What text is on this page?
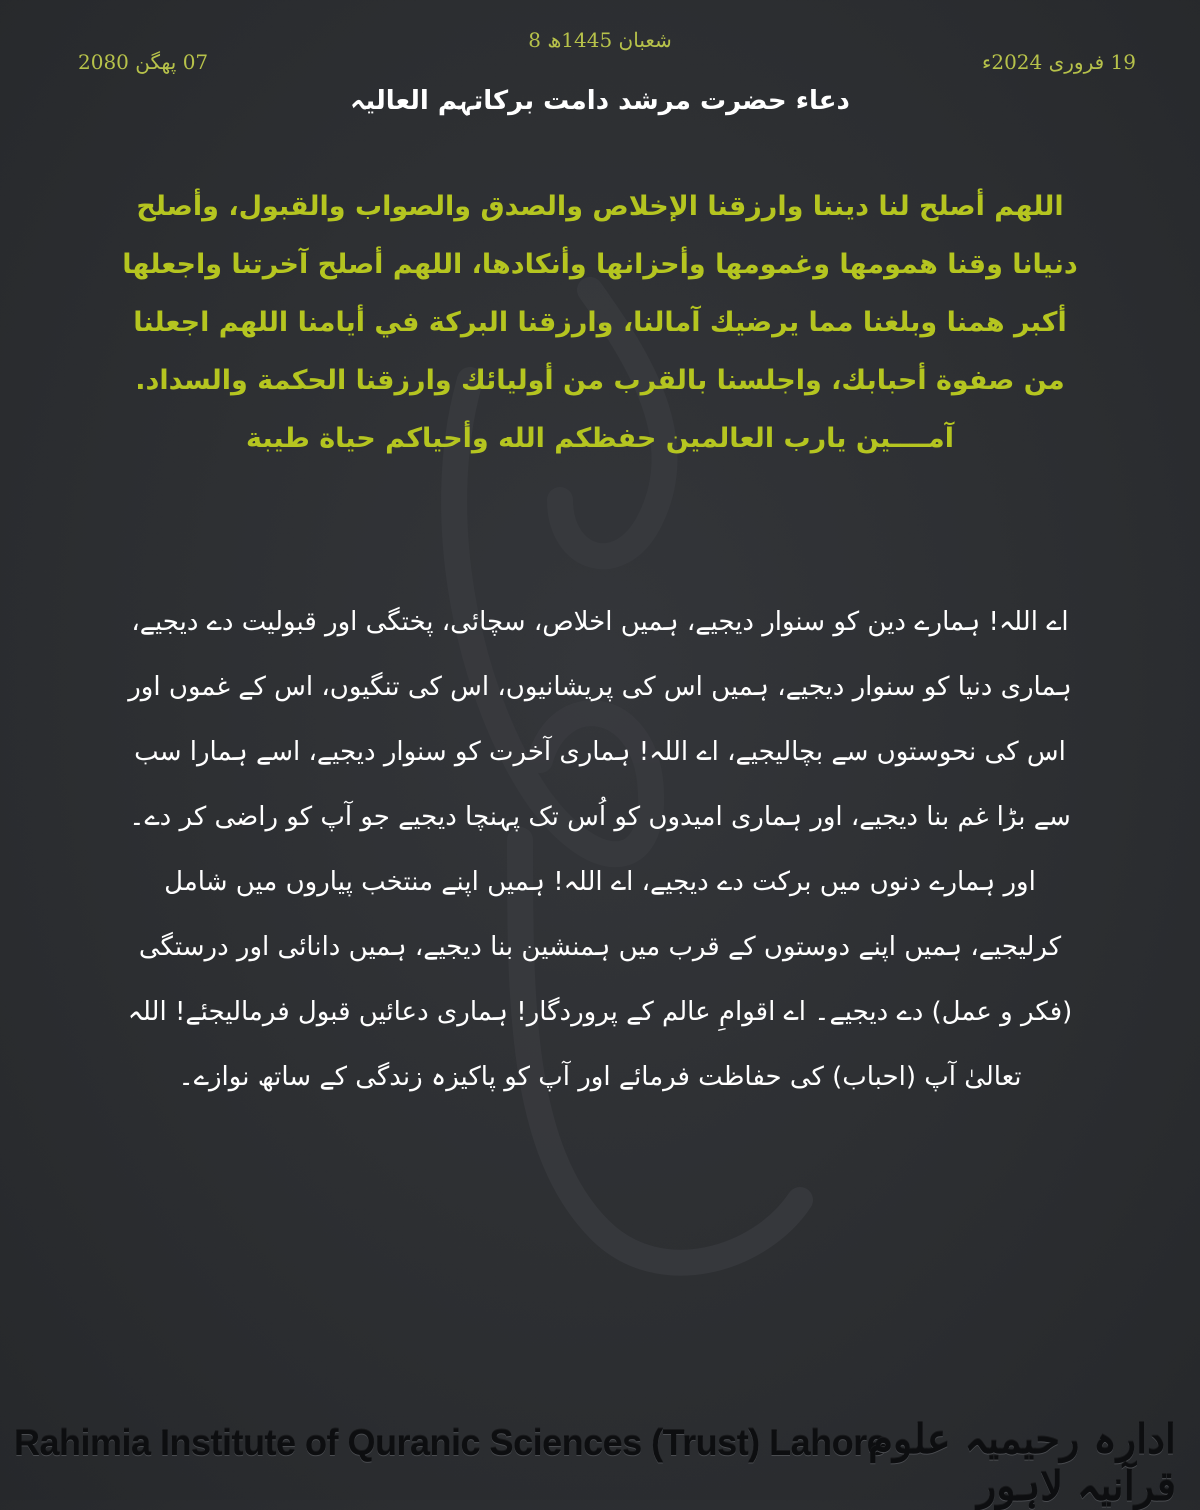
8 شعبان 1445ھ
19 فروری 2024ء
07 پھگن 2080
دعاء حضرت مرشد دامت برکاتہم العالیہ
اللهم أصلح لنا ديننا وارزقنا الإخلاص والصدق والصواب والقبول، وأصلح دنيانا وقنا همومها وغمومها وأحزانها وأنكادها، اللهم أصلح آخرتنا واجعلها أكبر همنا وبلغنا مما يرضيك آمالنا، وارزقنا البركة في أيامنا اللهم اجعلنا من صفوة أحبابك، واجلسنا بالقرب من أوليائك وارزقنا الحكمة والسداد. آمــــين يارب العالمين حفظكم الله وأحياكم حياة طيبة
اے اللہ! ہمارے دین کو سنوار دیجیے، ہمیں اخلاص، سچائی، پختگی اور قبولیت دے دیجیے، ہماری دنیا کو سنوار دیجیے، ہمیں اس کی پریشانیوں، اس کی تنگیوں، اس کے غموں اور اس کی نحوستوں سے بچالیجیے، اے اللہ! ہماری آخرت کو سنوار دیجیے، اسے ہمارا سب سے بڑا غم بنا دیجیے، اور ہماری امیدوں کو اُس تک پہنچا دیجیے جو آپ کو راضی کر دے۔ اور ہمارے دنوں میں برکت دے دیجیے، اے اللہ! ہمیں اپنے منتخب پیاروں میں شامل کرلیجیے، ہمیں اپنے دوستوں کے قرب میں ہمنشین بنا دیجیے، ہمیں دانائی اور درستگی (فکر و عمل) دے دیجیے۔ اے اقوامِ عالم کے پروردگار! ہماری دعائیں قبول فرمالیجئے! اللہ تعالیٰ آپ (احباب) کی حفاظت فرمائے اور آپ کو پاکیزہ زندگی کے ساتھ نوازے۔
Rahimia Institute of Quranic Sciences (Trust) Lahore
ادارہ رحیمیہ علوم قرآنیہ لاہور
